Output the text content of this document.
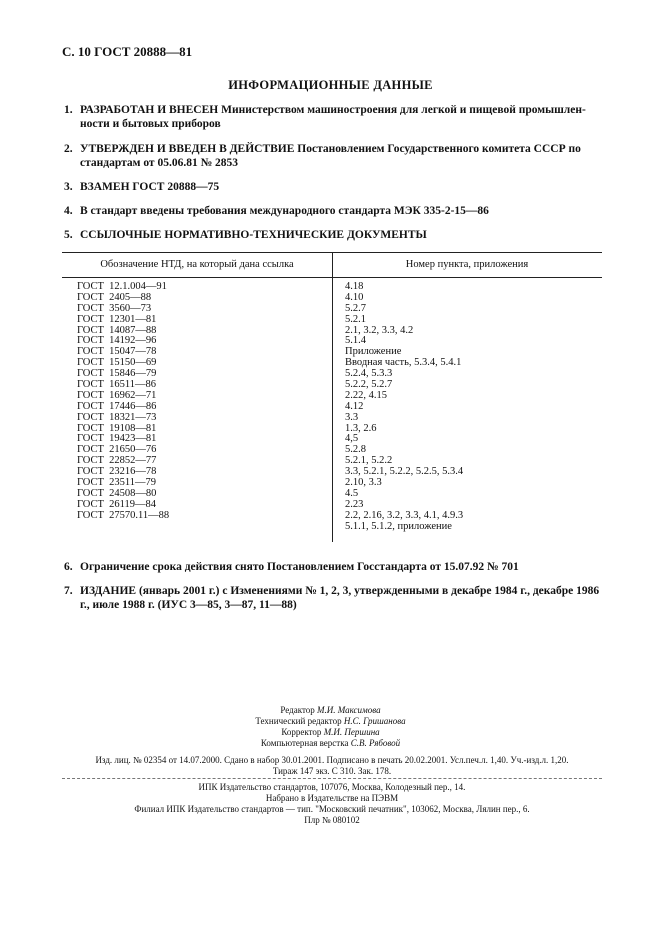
С. 10 ГОСТ 20888—81
ИНФОРМАЦИОННЫЕ ДАННЫЕ
1. РАЗРАБОТАН И ВНЕСЕН Министерством машиностроения для легкой и пищевой промышлен-ности и бытовых приборов
2. УТВЕРЖДЕН И ВВЕДЕН В ДЕЙСТВИЕ Постановлением Государственного комитета СССР по стандартам от 05.06.81 № 2853
3. ВЗАМЕН ГОСТ 20888—75
4. В стандарт введены требования международного стандарта МЭК 335-2-15—86
5. ССЫЛОЧНЫЕ НОРМАТИВНО-ТЕХНИЧЕСКИЕ ДОКУМЕНТЫ
Обозначение НТД, на который дана ссылка	Номер пункта, приложения
ГОСТ  12.1.004—91
ГОСТ  2405—88
ГОСТ  3560—73
ГОСТ  12301—81
ГОСТ  14087—88
ГОСТ  14192—96
ГОСТ  15047—78
ГОСТ  15150—69
ГОСТ  15846—79
ГОСТ  16511—86
ГОСТ  16962—71
ГОСТ  17446—86
ГОСТ  18321—73
ГОСТ  19108—81
ГОСТ  19423—81
ГОСТ  21650—76
ГОСТ  22852—77
ГОСТ  23216—78
ГОСТ  23511—79
ГОСТ  24508—80
ГОСТ  26119—84
ГОСТ  27570.11—88
4.18
4.10
5.2.7
5.2.1
2.1, 3.2, 3.3, 4.2
5.1.4
Приложение
Вводная часть, 5.3.4, 5.4.1
5.2.4, 5.3.3
5.2.2, 5.2.7
2.22, 4.15
4.12
3.3
1.3, 2.6
4,5
5.2.8
5.2.1, 5.2.2
3.3, 5.2.1, 5.2.2, 5.2.5, 5.3.4
2.10, 3.3
4.5
2.23
2.2, 2.16, 3.2, 3.3, 4.1, 4.9.3
5.1.1, 5.1.2, приложение
6. Ограничение срока действия снято Постановлением Госстандарта от 15.07.92 № 701
7. ИЗДАНИЕ (январь 2001 г.) с Изменениями № 1, 2, 3, утвержденными в декабре 1984 г., декабре 1986 г., июле 1988 г. (ИУС 3—85, 3—87, 11—88)
Редактор М.И. Максимова
Технический редактор Н.С. Гришанова
Корректор М.И. Першина
Компьютерная верстка С.В. Рябовой
Изд. лиц. № 02354 от 14.07.2000. Сдано в набор 30.01.2001. Подписано в печать 20.02.2001. Усл.печ.л. 1,40. Уч.-изд.л. 1,20.
Тираж 147 экз. С 310. Зак. 178.
ИПК Издательство стандартов, 107076, Москва, Колодезный пер., 14.
Набрано в Издательстве на ПЭВМ
Филиал ИПК Издательство стандартов — тип. "Московский печатник", 103062, Москва, Лялин пер., 6.
Плр № 080102
